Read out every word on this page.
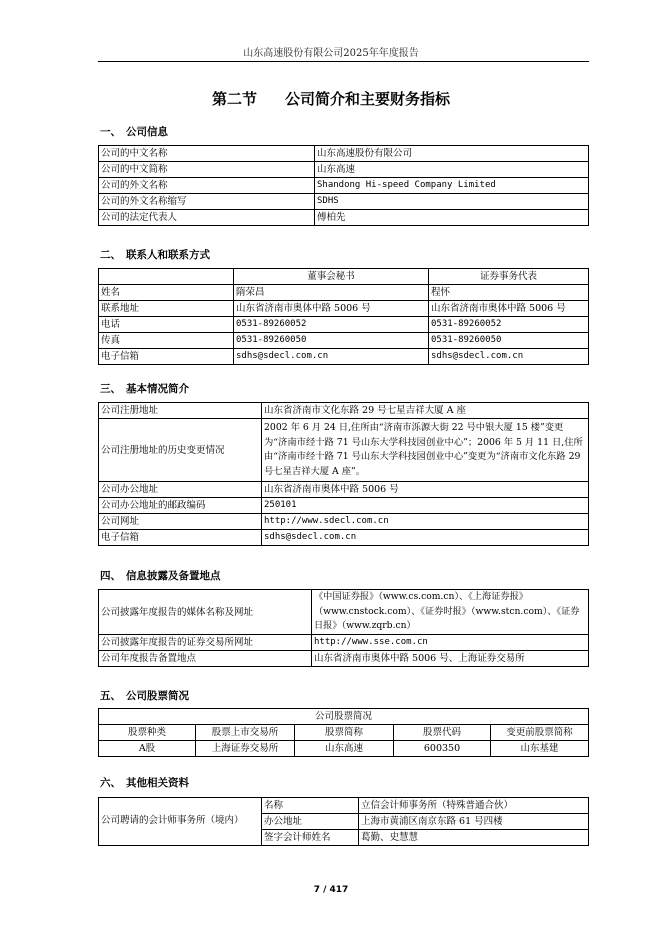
山东高速股份有限公司2025年年度报告
第二节 公司简介和主要财务指标
一、 公司信息
公司的中文名称	山东高速股份有限公司
公司的中文简称	山东高速
公司的外文名称	Shandong Hi-speed Company Limited
公司的外文名称缩写	SDHS
公司的法定代表人	傅柏先
二、 联系人和联系方式
	董事会秘书	证券事务代表
姓名	隋荣昌	程怀
联系地址	山东省济南市奥体中路 5006 号	山东省济南市奥体中路 5006 号
电话	0531-89260052	0531-89260052
传真	0531-89260050	0531-89260050
电子信箱	sdhs@sdecl.com.cn	sdhs@sdecl.com.cn
三、 基本情况简介
公司注册地址	山东省济南市文化东路 29 号七星吉祥大厦 A 座
公司注册地址的历史变更情况	2002 年 6 月 24 日,住所由“济南市泺源大街 22 号中银大厦 15 楼”变更为“济南市经十路 71 号山东大学科技园创业中心”；2006 年 5 月 11 日,住所由“济南市经十路 71 号山东大学科技园创业中心”变更为“济南市文化东路 29 号七星吉祥大厦 A 座”。
公司办公地址	山东省济南市奥体中路 5006 号
公司办公地址的邮政编码	250101
公司网址	http://www.sdecl.com.cn
电子信箱	sdhs@sdecl.com.cn
四、 信息披露及备置地点
公司披露年度报告的媒体名称及网址	《中国证券报》（www.cs.com.cn）、《上海证券报》（www.cnstock.com）、《证券时报》（www.stcn.com）、《证券日报》（www.zqrb.cn）
公司披露年度报告的证券交易所网址	http://www.sse.com.cn
公司年度报告备置地点	山东省济南市奥体中路 5006 号、上海证券交易所
五、 公司股票简况
公司股票简况				
股票种类	股票上市交易所	股票简称	股票代码	变更前股票简称
A股	上海证券交易所	山东高速	600350	山东基建
六、 其他相关资料
公司聘请的会计师事务所（境内）	名称	立信会计师事务所（特殊普通合伙）
	办公地址	上海市黄浦区南京东路 61 号四楼
	签字会计师姓名	葛勤、史慧慧
7 / 417
